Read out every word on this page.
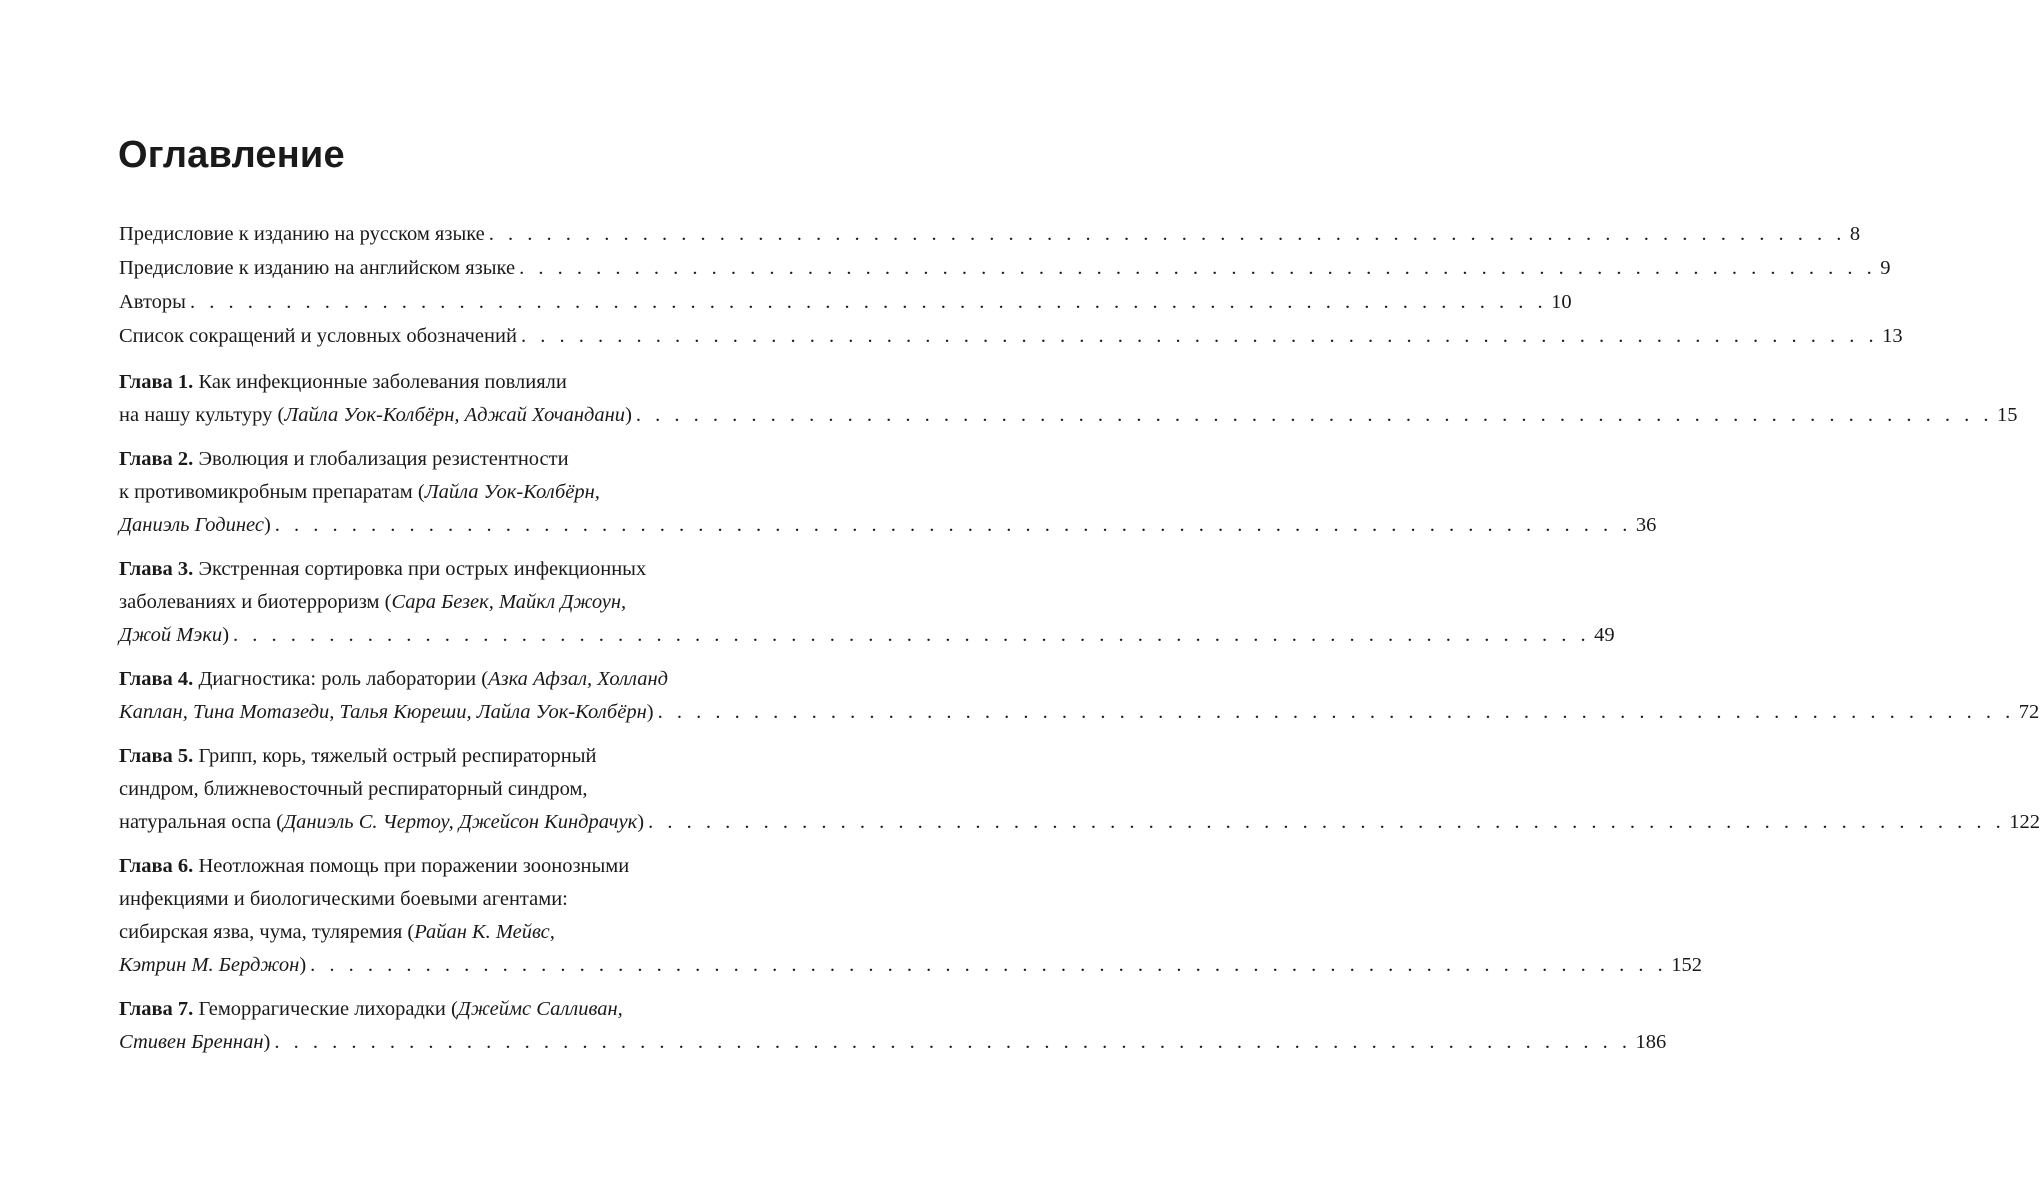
Оглавление
Предисловие к изданию на русском языке . . . . . . . . . . . . . . . . . . . . . . . . . . . . . . . . . . . . . . . . . . . . . . . . . . . . . . . . . . . . . . . . . . . . . . . 8
Предисловие к изданию на английском языке . . . . . . . . . . . . . . . . . . . . . . . . . . . . . . . . . . . . . . . . . . . . . . . . . . . . . . . . . . . . . . . . . . . . . . . 9
Авторы . . . . . . . . . . . . . . . . . . . . . . . . . . . . . . . . . . . . . . . . . . . . . . . . . . . . . . . . . . . . . . . . . . . . . . . 10
Список сокращений и условных обозначений . . . . . . . . . . . . . . . . . . . . . . . . . . . . . . . . . . . . . . . . . . . . . . . . . . . . . . . . . . . . . . . . . . . . . . . 13
Глава 1. Как инфекционные заболевания повлияли
на нашу культуру (Лайла Уок-Колбёрн, Аджай Хочандани) . . . . . . . . . . . . . . . . . . . . . . . . . . . . . . . . . . . . . . . . . . . . . . . . . . . . . . . . . . . . . . . . . . . . . . . 15
Глава 2. Эволюция и глобализация резистентности
к противомикробным препаратам (Лайла Уок-Колбёрн,
Даниэль Годинес) . . . . . . . . . . . . . . . . . . . . . . . . . . . . . . . . . . . . . . . . . . . . . . . . . . . . . . . . . . . . . . . . . . . . . . . 36
Глава 3. Экстренная сортировка при острых инфекционных
заболеваниях и биотерроризм (Сара Безек, Майкл Джоун,
Джой Мэки) . . . . . . . . . . . . . . . . . . . . . . . . . . . . . . . . . . . . . . . . . . . . . . . . . . . . . . . . . . . . . . . . . . . . . . . 49
Глава 4. Диагностика: роль лаборатории (Азка Афзал, Холланд
Каплан, Тина Мотазеди, Талья Кюреши, Лайла Уок-Колбёрн) . . . . . . . . . . . . . . . . . . . . . . . . . . . . . . . . . . . . . . . . . . . . . . . . . . . . . . . . . . . . . . . . . . . . . . . 72
Глава 5. Грипп, корь, тяжелый острый респираторный
синдром, ближневосточный респираторный синдром,
натуральная оспа (Даниэль С. Чертоу, Джейсон Киндрачук) . . . . . . . . . . . . . . . . . . . . . . . . . . . . . . . . . . . . . . . . . . . . . . . . . . . . . . . . . . . . . . . . . . . . . . . 122
Глава 6. Неотложная помощь при поражении зоонозными
инфекциями и биологическими боевыми агентами:
сибирская язва, чума, туляремия (Райан К. Мейвс,
Кэтрин М. Берджон) . . . . . . . . . . . . . . . . . . . . . . . . . . . . . . . . . . . . . . . . . . . . . . . . . . . . . . . . . . . . . . . . . . . . . . . 152
Глава 7. Геморрагические лихорадки (Джеймс Салливан,
Стивен Бреннан) . . . . . . . . . . . . . . . . . . . . . . . . . . . . . . . . . . . . . . . . . . . . . . . . . . . . . . . . . . . . . . . . . . . . . . . 186
